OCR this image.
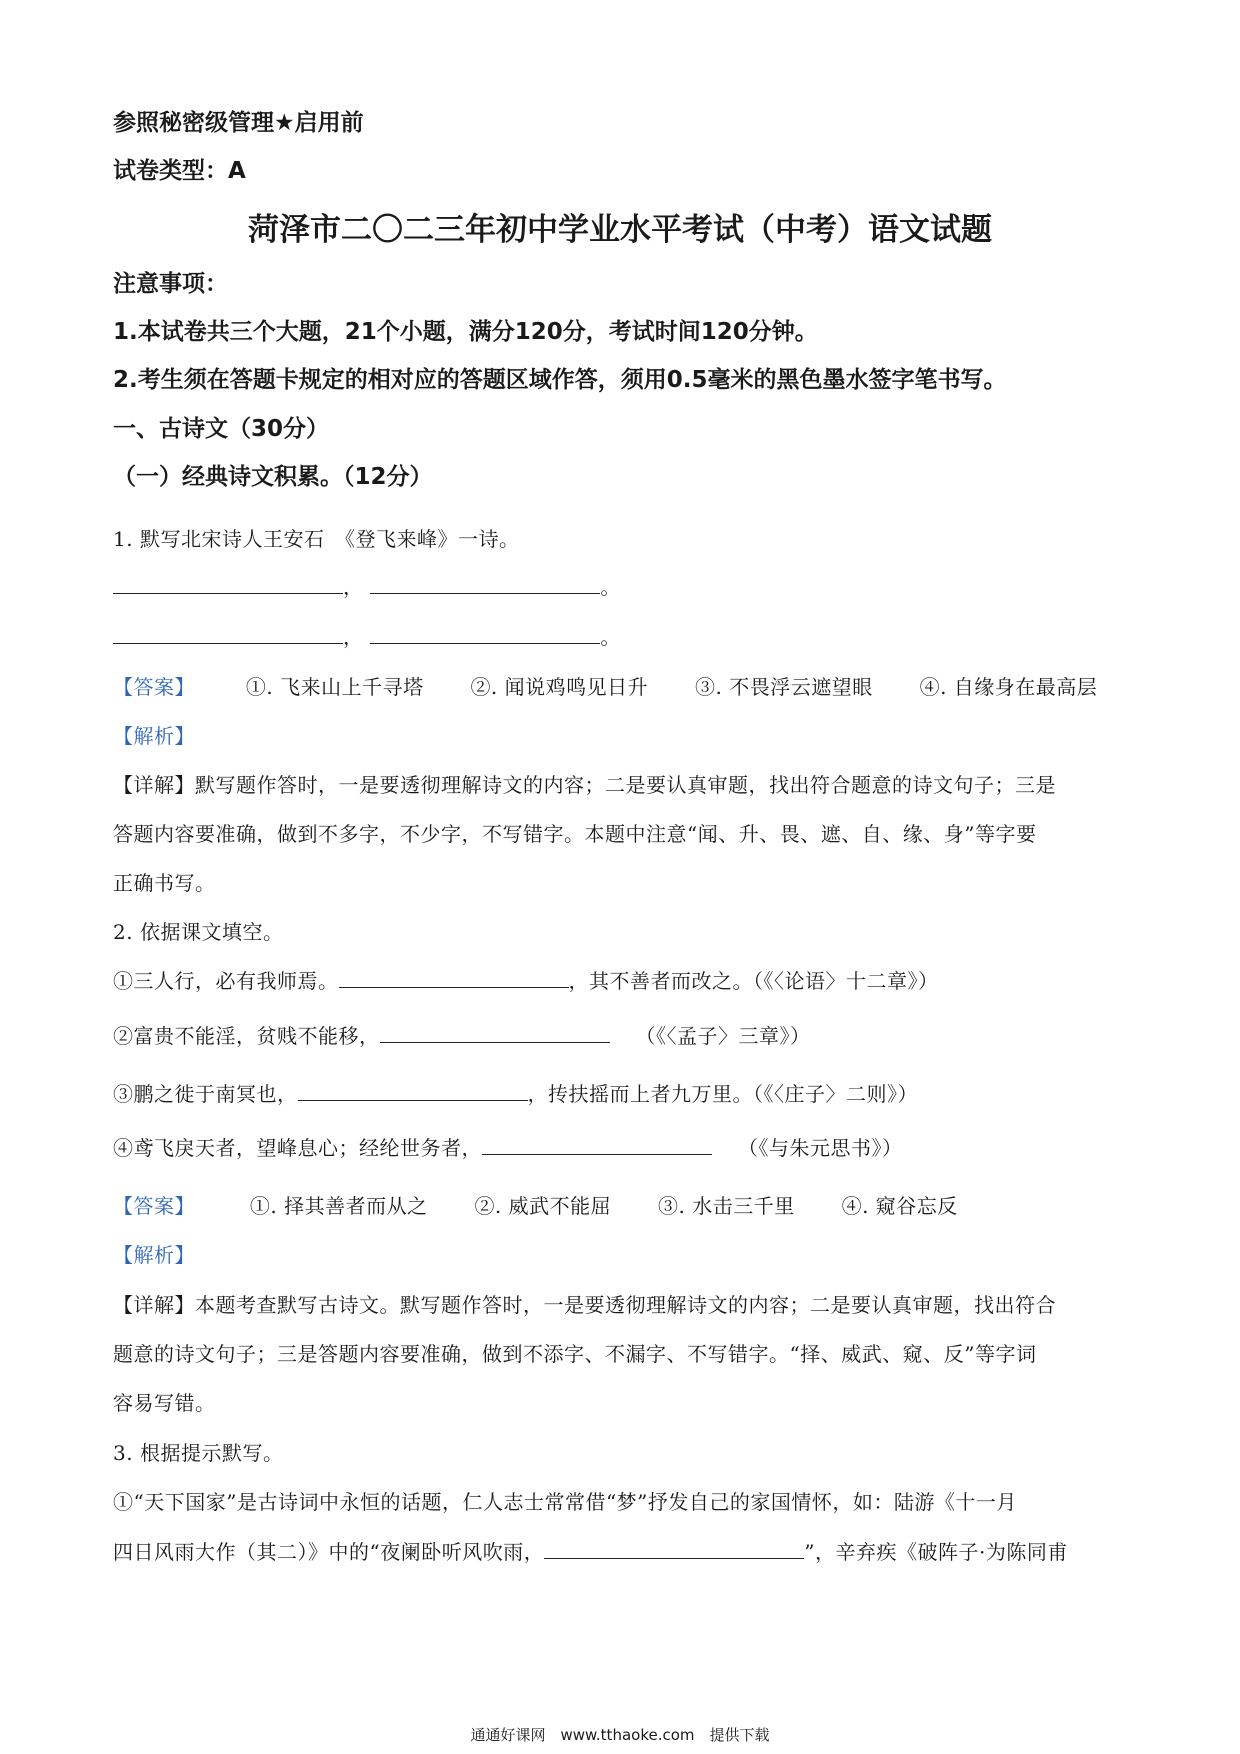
参照秘密级管理★启用前
试卷类型：A
菏泽市二〇二三年初中学业水平考试（中考）语文试题
注意事项：
1.本试卷共三个大题，21个小题，满分120分，考试时间120分钟。
2.考生须在答题卡规定的相对应的答题区域作答，须用0.5毫米的黑色墨水签字笔书写。
一、古诗文（30分）
（一）经典诗文积累。（12分）
1. 默写北宋诗人王安石　《登飞来峰》一诗。
，	。
，	。
【答案】	①. 飞来山上千寻塔 ②. 闻说鸡鸣见日升 ③. 不畏浮云遮望眼 ④. 自缘身在最高层
【解析】
【详解】默写题作答时，一是要透彻理解诗文的内容；二是要认真审题，找出符合题意的诗文句子；三是
答题内容要准确，做到不多字，不少字，不写错字。本题中注意“闻、升、畏、遮、自、缘、身”等字要
正确书写。
2. 依据课文填空。
①三人行，必有我师焉。	，其不善者而改之。（《〈论语〉十二章》）
②富贵不能淫，贫贱不能移，	（《〈孟子〉三章》）
③鹏之徙于南冥也，	，抟扶摇而上者九万里。（《〈庄子〉二则》）
④鸢飞戾天者，望峰息心；经纶世务者，	（《与朱元思书》）
【答案】	①. 择其善者而从之 ②. 威武不能屈 ③. 水击三千里 ④. 窥谷忘反
【解析】
【详解】本题考查默写古诗文。默写题作答时，一是要透彻理解诗文的内容；二是要认真审题，找出符合
题意的诗文句子；三是答题内容要准确，做到不添字、不漏字、不写错字。“择、威武、窥、反”等字词
容易写错。
3. 根据提示默写。
①“天下国家”是古诗词中永恒的话题，仁人志士常常借“梦”抒发自己的家国情怀，如：陆游《十一月
四日风雨大作（其二）》中的“夜阑卧听风吹雨，	”，辛弃疾《破阵子·为陈同甫
通通好课网　www.tthaoke.com　提供下载
